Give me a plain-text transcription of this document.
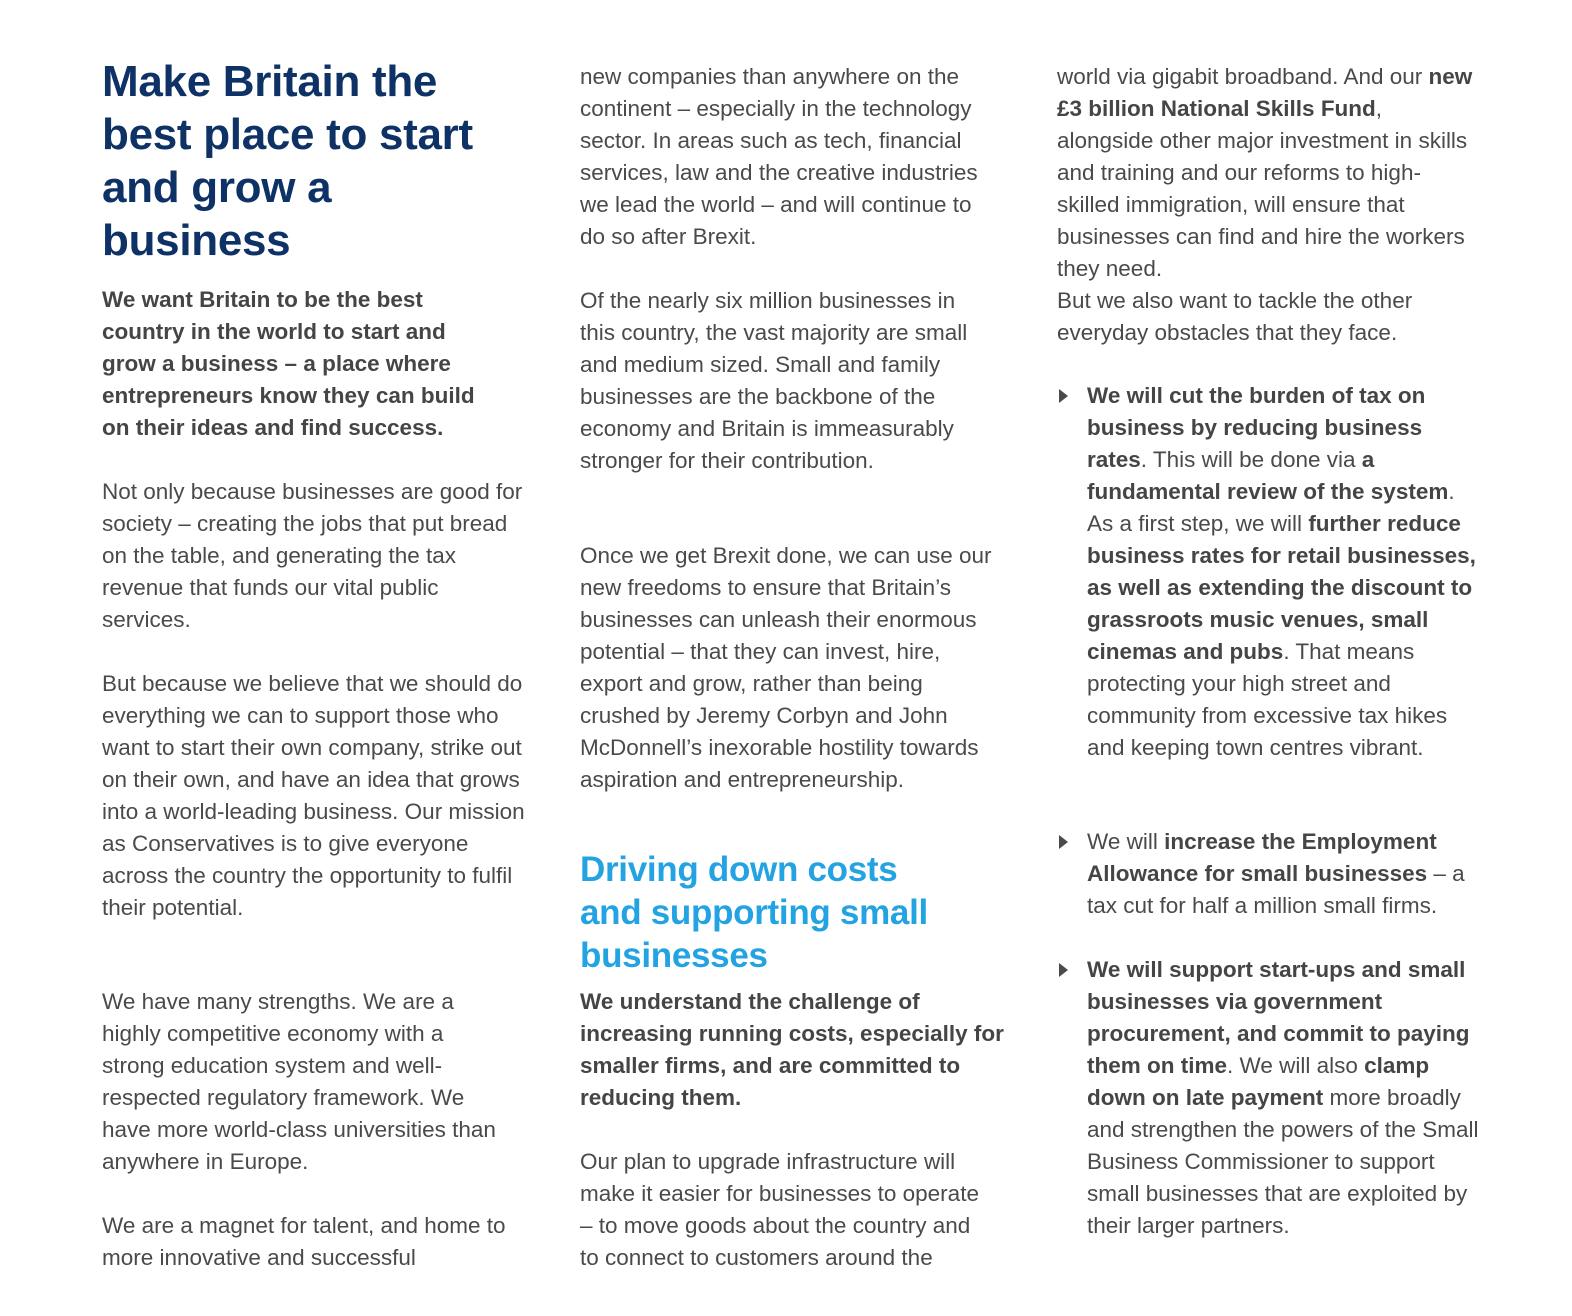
Make Britain the best place to start and grow a business

We want Britain to be the best country in the world to start and grow a business – a place where entrepreneurs know they can build on their ideas and find success.

Not only because businesses are good for society – creating the jobs that put bread on the table, and generating the tax revenue that funds our vital public services.

But because we believe that we should do everything we can to support those who want to start their own company, strike out on their own, and have an idea that grows into a world-leading business. Our mission as Conservatives is to give everyone across the country the opportunity to fulfil their potential.

We have many strengths. We are a highly competitive economy with a strong education system and well-respected regulatory framework. We have more world-class universities than anywhere in Europe.

We are a magnet for talent, and home to more innovative and successful

new companies than anywhere on the continent – especially in the technology sector. In areas such as tech, financial services, law and the creative industries we lead the world – and will continue to do so after Brexit.

Of the nearly six million businesses in this country, the vast majority are small and medium sized. Small and family businesses are the backbone of the economy and Britain is immeasurably stronger for their contribution.

Once we get Brexit done, we can use our new freedoms to ensure that Britain’s businesses can unleash their enormous potential – that they can invest, hire, export and grow, rather than being crushed by Jeremy Corbyn and John McDonnell’s inexorable hostility towards aspiration and entrepreneurship.

Driving down costs and supporting small businesses

We understand the challenge of increasing running costs, especially for smaller firms, and are committed to reducing them.

Our plan to upgrade infrastructure will make it easier for businesses to operate – to move goods about the country and to connect to customers around the

world via gigabit broadband. And our new £3 billion National Skills Fund, alongside other major investment in skills and training and our reforms to high-skilled immigration, will ensure that businesses can find and hire the workers they need.

But we also want to tackle the other everyday obstacles that they face.

We will cut the burden of tax on business by reducing business rates. This will be done via a fundamental review of the system. As a first step, we will further reduce business rates for retail businesses, as well as extending the discount to grassroots music venues, small cinemas and pubs. That means protecting your high street and community from excessive tax hikes and keeping town centres vibrant.

We will increase the Employment Allowance for small businesses – a tax cut for half a million small firms.

We will support start-ups and small businesses via government procurement, and commit to paying them on time. We will also clamp down on late payment more broadly and strengthen the powers of the Small Business Commissioner to support small businesses that are exploited by their larger partners.
